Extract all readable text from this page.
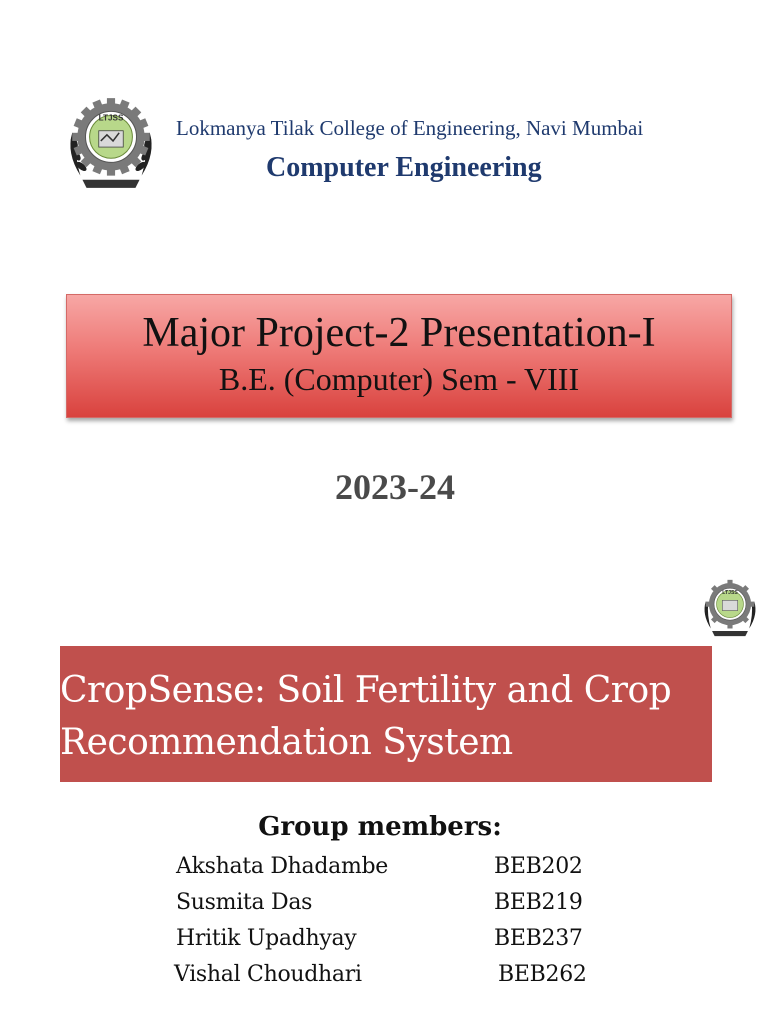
LTJSS	Lokmanya Tilak College of Engineering, Navi Mumbai
Computer Engineering
Major Project-2 Presentation-I
B.E. (Computer) Sem - VIII
2023-24
LTJSS
CropSense: Soil Fertility and Crop
Recommendation System
Group members:
Akshata Dhadambe	BEB202
Susmita Das	BEB219
Hritik Upadhyay	BEB237
Vishal Choudhari	BEB262
